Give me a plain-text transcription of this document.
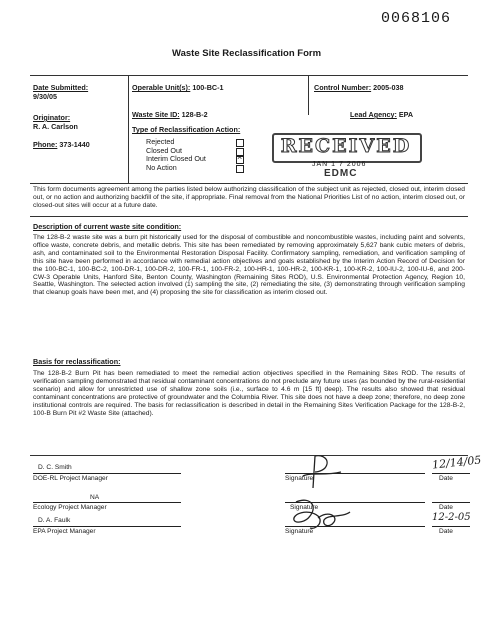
0068106
Waste Site Reclassification Form
Date Submitted:
9/30/05
Originator:
R. A. Carlson
Phone: 373-1440
Operable Unit(s): 100-BC-1
Waste Site ID: 128-B-2
Type of Reclassification Action:
Rejected
Closed Out
Interim Closed Out
×
No Action
Control Number: 2005-038
Lead Agency: EPA
RECEIVED
JAN 1 7 2006
EDMC
This form documents agreement among the parties listed below authorizing classification of the subject unit as rejected, closed out, interim closed out, or no action and authorizing backfill of the site, if appropriate. Final removal from the National Priorities List of no action, interim closed out, or closed-out sites will occur at a future date.
Description of current waste site condition:
The 128-B-2 waste site was a burn pit historically used for the disposal of combustible and noncombustible wastes, including paint and solvents, office waste, concrete debris, and metallic debris. This site has been remediated by removing approximately 5,627 bank cubic meters of debris, ash, and contaminated soil to the Environmental Restoration Disposal Facility. Confirmatory sampling, remediation, and verification sampling of this site have been performed in accordance with remedial action objectives and goals established by the Interim Action Record of Decision for the 100-BC-1, 100-BC-2, 100-DR-1, 100-DR-2, 100-FR-1, 100-FR-2, 100-HR-1, 100-HR-2, 100-KR-1, 100-KR-2, 100-IU-2, 100-IU-6, and 200-CW-3 Operable Units, Hanford Site, Benton County, Washington (Remaining Sites ROD), U.S. Environmental Protection Agency, Region 10, Seattle, Washington. The selected action involved (1) sampling the site, (2) remediating the site, (3) demonstrating through verification sampling that cleanup goals have been met, and (4) proposing the site for classification as interim closed out.
Basis for reclassification:
The 128-B-2 Burn Pit has been remediated to meet the remedial action objectives specified in the Remaining Sites ROD. The results of verification sampling demonstrated that residual contaminant concentrations do not preclude any future uses (as bounded by the rural-residential scenario) and allow for unrestricted use of shallow zone soils (i.e., surface to 4.6 m [15 ft] deep). The results also showed that residual contaminant concentrations are protective of groundwater and the Columbia River. This site does not have a deep zone; therefore, no deep zone institutional controls are required. The basis for reclassification is described in detail in the Remaining Sites Verification Package for the 128-B-2, 100-B Burn Pit #2 Waste Site (attached).
D. C. Smith
DOE-RL Project Manager	Signature
12/14/05
Date
NA
Ecology Project Manager	Signature	Date
D. A. Faulk
EPA Project Manager	Signature
12-2-05
Date
